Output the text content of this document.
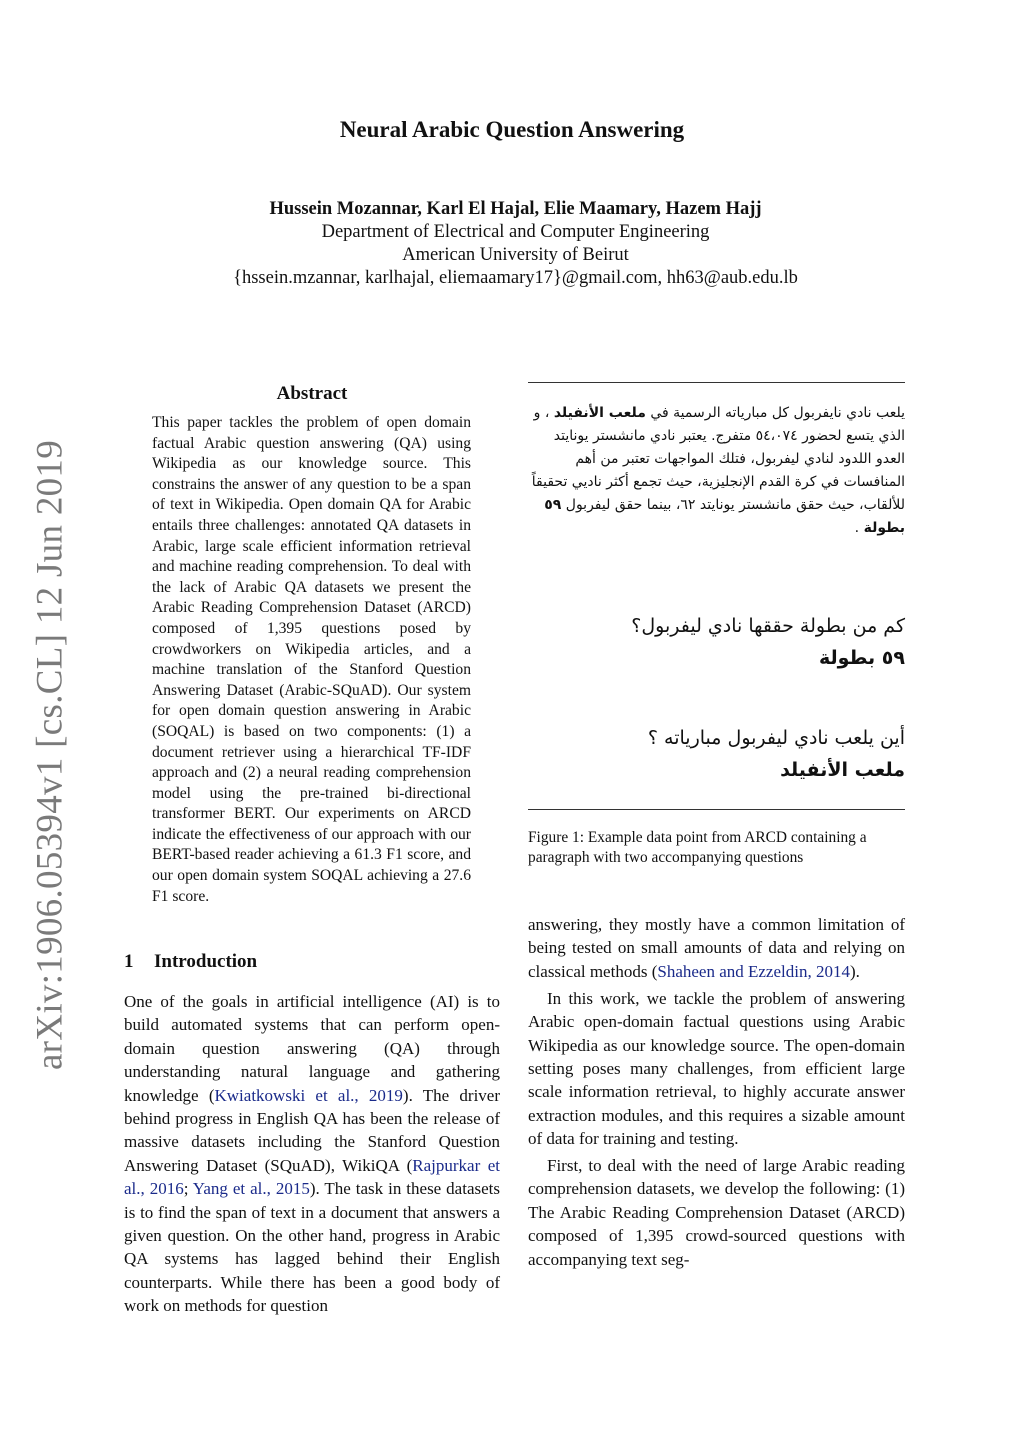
arXiv:1906.05394v1 [cs.CL] 12 Jun 2019
Neural Arabic Question Answering
Hussein Mozannar, Karl El Hajal, Elie Maamary, Hazem Hajj
Department of Electrical and Computer Engineering
American University of Beirut
{hssein.mzannar, karlhajal, eliemaamary17}@gmail.com, hh63@aub.edu.lb
Abstract
This paper tackles the problem of open domain factual Arabic question answering (QA) using Wikipedia as our knowledge source. This constrains the answer of any question to be a span of text in Wikipedia. Open domain QA for Arabic entails three challenges: annotated QA datasets in Arabic, large scale efficient information retrieval and machine reading comprehension. To deal with the lack of Arabic QA datasets we present the Arabic Reading Comprehension Dataset (ARCD) composed of 1,395 questions posed by crowdworkers on Wikipedia articles, and a machine translation of the Stanford Question Answering Dataset (Arabic-SQuAD). Our system for open domain question answering in Arabic (SOQAL) is based on two components: (1) a document retriever using a hierarchical TF-IDF approach and (2) a neural reading comprehension model using the pre-trained bi-directional transformer BERT. Our experiments on ARCD indicate the effectiveness of our approach with our BERT-based reader achieving a 61.3 F1 score, and our open domain system SOQAL achieving a 27.6 F1 score.
1 Introduction

One of the goals in artificial intelligence (AI) is to build automated systems that can perform open-domain question answering (QA) through understanding natural language and gathering knowledge (Kwiatkowski et al., 2019). The driver behind progress in English QA has been the release of massive datasets including the Stanford Question Answering Dataset (SQuAD), WikiQA (Rajpurkar et al., 2016; Yang et al., 2015). The task in these datasets is to find the span of text in a document that answers a given question. On the other hand, progress in Arabic QA systems has lagged behind their English counterparts. While there has been a good body of work on methods for question

يلعب نادي نايفربول كل مبارياته الرسمية في ملعب الأنفيلد ، و الذي يتسع لحضور ٥٤،٠٧٤ متفرج. يعتبر نادي مانشستر يونايتد العدو اللدود لنادي ليفربول، فتلك المواجهات تعتبر من أهم المنافسات في كرة القدم الإنجليزية، حيث تجمع أكثر ناديي تحقيقاً للألقاب، حيث حقق مانشستر يونايتد ٦٢، بينما حقق ليفربول ٥٩ بطولة .
كم من بطولة حققها نادي ليفربول؟
٥٩ بطولة
أين يلعب نادي ليفربول مبارياته ؟
ملعب الأنفيلد
Figure 1: Example data point from ARCD containing a paragraph with two accompanying questions

answering, they mostly have a common limitation of being tested on small amounts of data and relying on classical methods (Shaheen and Ezzeldin, 2014).

In this work, we tackle the problem of answering Arabic open-domain factual questions using Arabic Wikipedia as our knowledge source. The open-domain setting poses many challenges, from efficient large scale information retrieval, to highly accurate answer extraction modules, and this requires a sizable amount of data for training and testing.

First, to deal with the need of large Arabic reading comprehension datasets, we develop the following: (1) The Arabic Reading Comprehension Dataset (ARCD) composed of 1,395 crowd-sourced questions with accompanying text seg-
